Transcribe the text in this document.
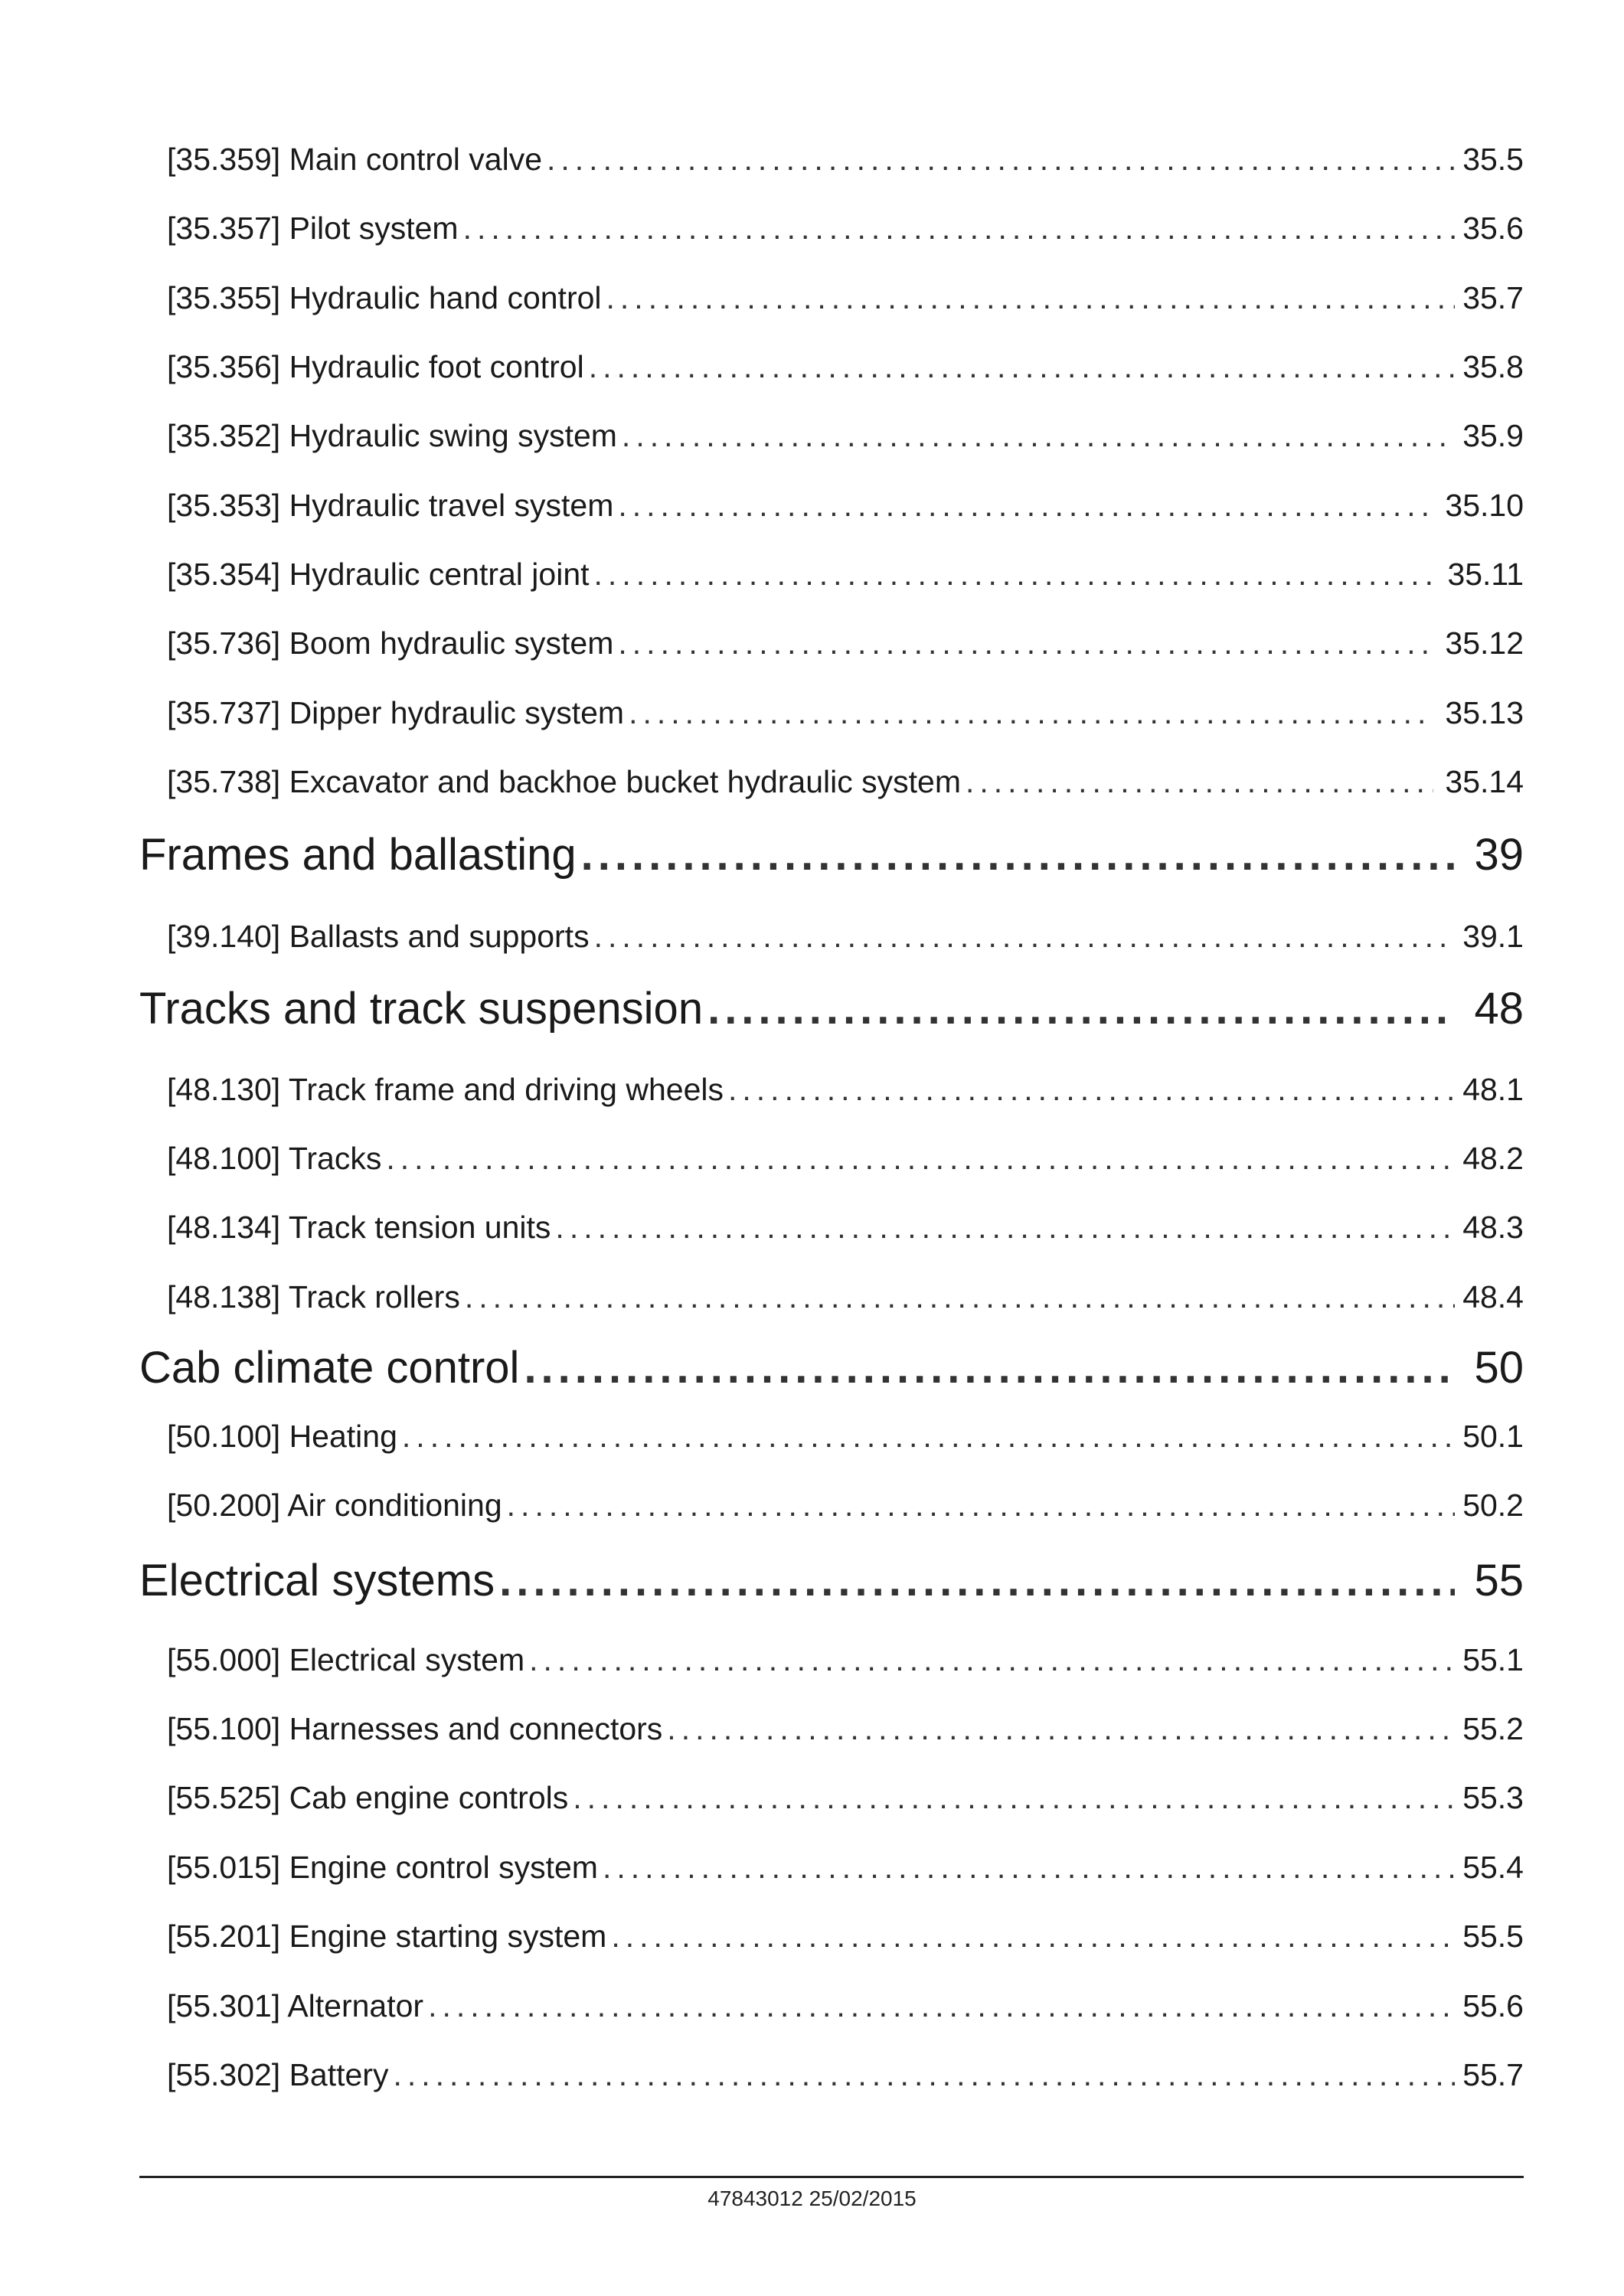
[35.359] Main control valve .....	35.5
[35.357] Pilot system .....	35.6
[35.355] Hydraulic hand control .....	35.7
[35.356] Hydraulic foot control .....	35.8
[35.352] Hydraulic swing system .....	35.9
[35.353] Hydraulic travel system .....	35.10
[35.354] Hydraulic central joint .....	35.11
[35.736] Boom hydraulic system .....	35.12
[35.737] Dipper hydraulic system .....	35.13
[35.738] Excavator and backhoe bucket hydraulic system .....	35.14
Frames and ballasting .....	39
[39.140] Ballasts and supports .....	39.1
Tracks and track suspension .....	48
[48.130] Track frame and driving wheels .....	48.1
[48.100] Tracks .....	48.2
[48.134] Track tension units .....	48.3
[48.138] Track rollers .....	48.4
Cab climate control .....	50
[50.100] Heating .....	50.1
[50.200] Air conditioning .....	50.2
Electrical systems .....	55
[55.000] Electrical system .....	55.1
[55.100] Harnesses and connectors .....	55.2
[55.525] Cab engine controls .....	55.3
[55.015] Engine control system .....	55.4
[55.201] Engine starting system .....	55.5
[55.301] Alternator .....	55.6
[55.302] Battery .....	55.7
47843012 25/02/2015
